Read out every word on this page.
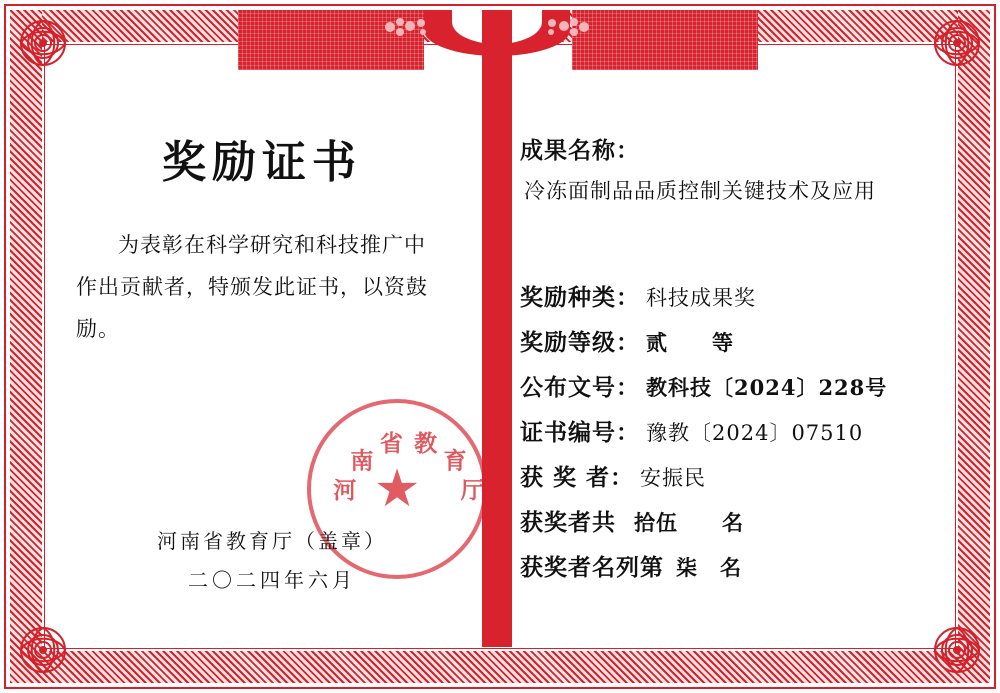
奖励证书
为表彰在科学研究和科技推广中
作出贡献者，特颁发此证书，以资鼓
励。
河
南
省 教
育
厅
★

河南省教育厅（盖章）

二〇二四年六月

成果名称：
冷冻面制品品质控制关键技术及应用
奖励种类： 科技成果奖
奖励等级： 贰　　等
公布文号： 教科技〔2024〕228号
证书编号： 豫教〔2024〕07510
获 奖 者： 安振民
获奖者共 拾伍　　名
获奖者名列第 柒　名
